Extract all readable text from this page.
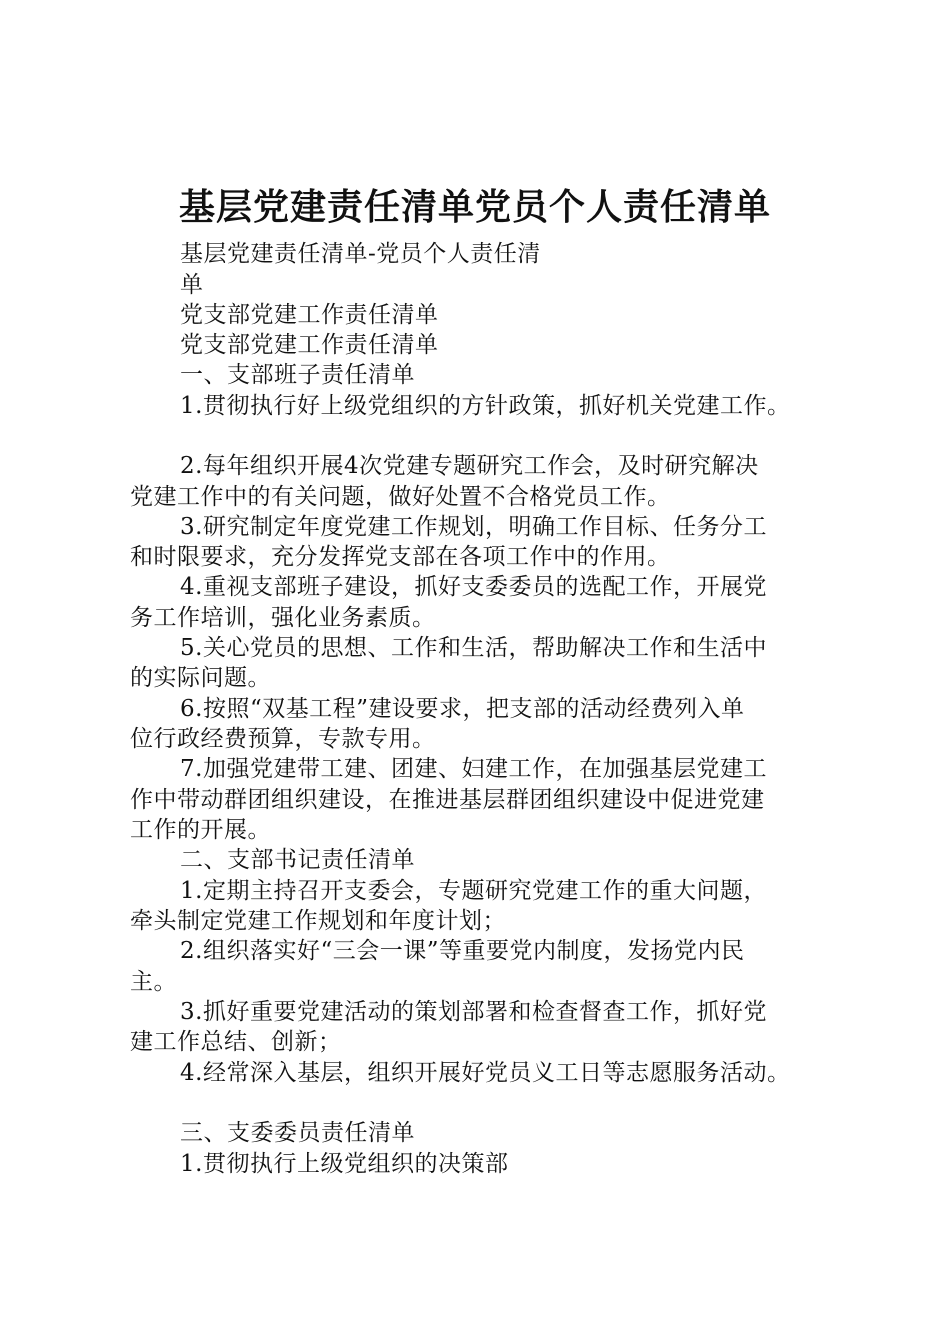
基层党建责任清单党员个人责任清单
基层党建责任清单-党员个人责任清
单
党支部党建工作责任清单
党支部党建工作责任清单
一、支部班子责任清单
1.贯彻执行好上级党组织的方针政策，抓好机关党建工作。
2.每年组织开展4次党建专题研究工作会，及时研究解决
党建工作中的有关问题，做好处置不合格党员工作。
3.研究制定年度党建工作规划，明确工作目标、任务分工
和时限要求，充分发挥党支部在各项工作中的作用。
4.重视支部班子建设，抓好支委委员的选配工作，开展党
务工作培训，强化业务素质。
5.关心党员的思想、工作和生活，帮助解决工作和生活中
的实际问题。
6.按照“双基工程”建设要求，把支部的活动经费列入单
位行政经费预算，专款专用。
7.加强党建带工建、团建、妇建工作，在加强基层党建工
作中带动群团组织建设，在推进基层群团组织建设中促进党建
工作的开展。
二、支部书记责任清单
1.定期主持召开支委会，专题研究党建工作的重大问题，
牵头制定党建工作规划和年度计划；
2.组织落实好“三会一课”等重要党内制度，发扬党内民
主。
3.抓好重要党建活动的策划部署和检查督查工作，抓好党
建工作总结、创新；
4.经常深入基层，组织开展好党员义工日等志愿服务活动。
三、支委委员责任清单
1.贯彻执行上级党组织的决策部
